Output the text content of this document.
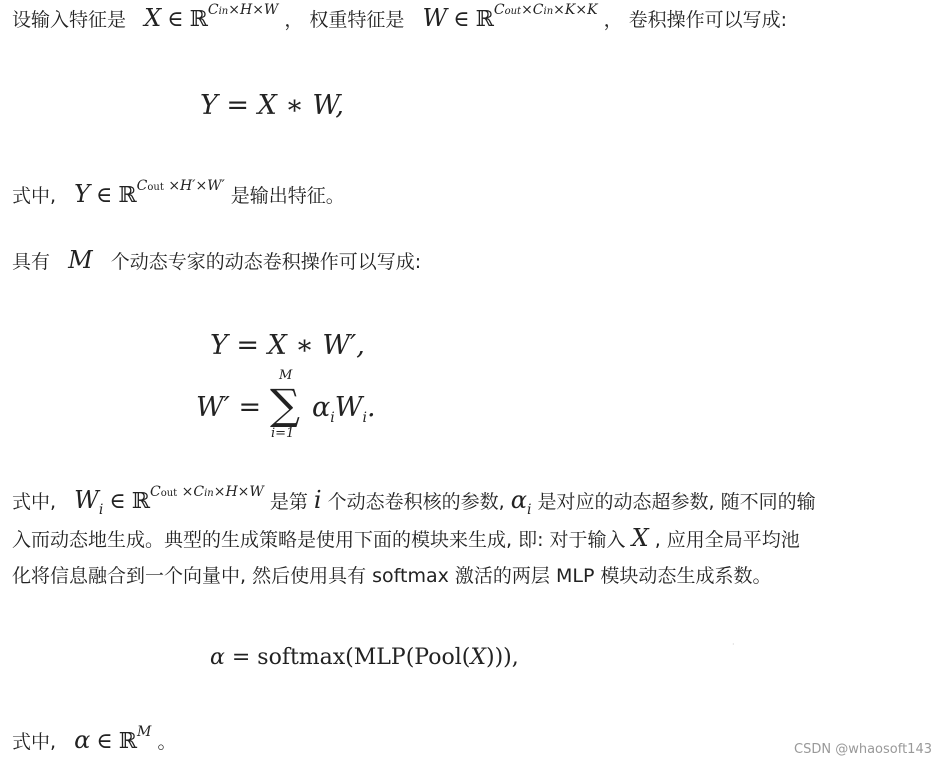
设输入特征是 X ∈ ℝ$^{Cin\times H\times W}$ ， 权重特征是 W ∈ ℝ$^{Cout\times Cin\times K\times K}$ ， 卷积操作可以写成:
Y = X ∗ W,
式中, Y ∈ ℝ$^{Cout \times H'\times W'}$ 是输出特征。
具有 M 个动态专家的动态卷积操作可以写成:
Y = X ∗ W′,
W′ =
M
∑
i=1
αiWi.
式中, $W_i$ ∈ ℝ$^{Cout \times Cin\times H\times W}$ 是第 i 个动态卷积核的参数, $\alpha_i$ 是对应的动态超参数, 随不同的输
入而动态地生成。典型的生成策略是使用下面的模块来生成, 即: 对于输入 X , 应用全局平均池
化将信息融合到一个向量中, 然后使用具有 softmax 激活的两层 MLP 模块动态生成系数。
α = softmax(MLP(Pool(X))),
·
式中, α ∈ ℝ$^M$ 。	CSDN @whaosoft143
